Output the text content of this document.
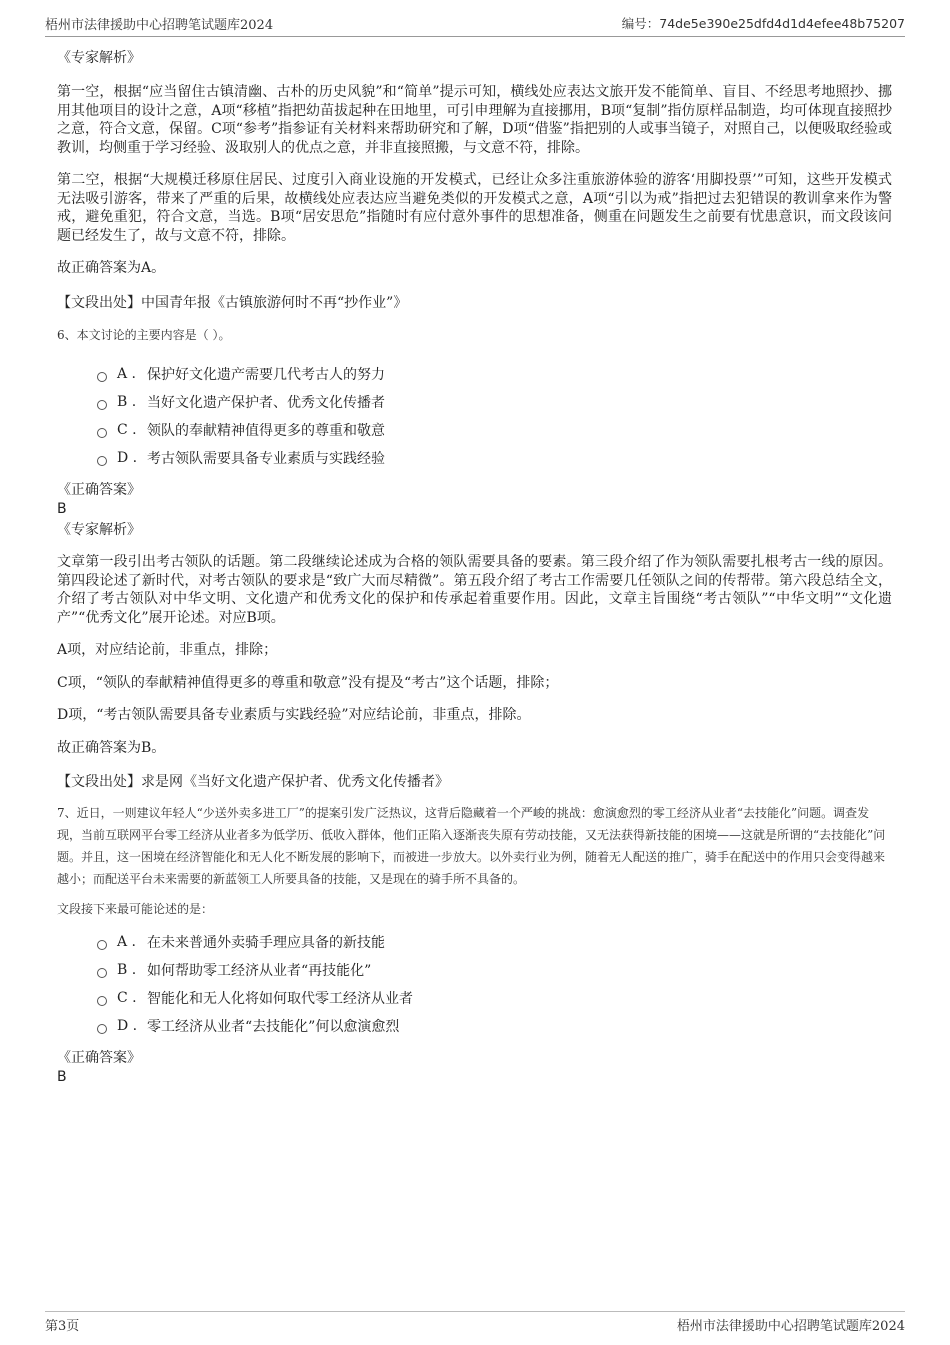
梧州市法律援助中心招聘笔试题库2024	编号：74de5e390e25dfd4d1d4efee48b75207

《专家解析》

第一空，根据“应当留住古镇清幽、古朴的历史风貌”和“简单”提示可知，横线处应表达文旅开发不能简单、盲目、不经思考地照抄、挪用其他项目的设计之意，A项“移植”指把幼苗拔起种在田地里，可引申理解为直接挪用，B项“复制”指仿原样品制造，均可体现直接照抄之意，符合文意，保留。C项“参考”指参证有关材料来帮助研究和了解，D项“借鉴”指把别的人或事当镜子，对照自己，以便吸取经验或教训，均侧重于学习经验、汲取别人的优点之意，并非直接照搬，与文意不符，排除。

第二空，根据“大规模迁移原住居民、过度引入商业设施的开发模式，已经让众多注重旅游体验的游客‘用脚投票’”可知，这些开发模式无法吸引游客，带来了严重的后果，故横线处应表达应当避免类似的开发模式之意，A项“引以为戒”指把过去犯错误的教训拿来作为警戒，避免重犯，符合文意，当选。B项“居安思危”指随时有应付意外事件的思想准备，侧重在问题发生之前要有忧患意识，而文段该问题已经发生了，故与文意不符，排除。

故正确答案为A。

【文段出处】中国青年报《古镇旅游何时不再“抄作业”》

6、本文讨论的主要内容是（ ）。

A . 保护好文化遗产需要几代考古人的努力
B . 当好文化遗产保护者、优秀文化传播者
C . 领队的奉献精神值得更多的尊重和敬意
D . 考古领队需要具备专业素质与实践经验

《正确答案》

B

《专家解析》

文章第一段引出考古领队的话题。第二段继续论述成为合格的领队需要具备的要素。第三段介绍了作为领队需要扎根考古一线的原因。第四段论述了新时代，对考古领队的要求是“致广大而尽精微”。第五段介绍了考古工作需要几任领队之间的传帮带。第六段总结全文，介绍了考古领队对中华文明、文化遗产和优秀文化的保护和传承起着重要作用。因此，文章主旨围绕“考古领队”“中华文明”“文化遗产”“优秀文化”展开论述。对应B项。

A项，对应结论前，非重点，排除；

C项，“领队的奉献精神值得更多的尊重和敬意”没有提及“考古”这个话题，排除；

D项，“考古领队需要具备专业素质与实践经验”对应结论前，非重点，排除。

故正确答案为B。

【文段出处】求是网《当好文化遗产保护者、优秀文化传播者》

7、近日，一则建议年轻人“少送外卖多进工厂”的提案引发广泛热议，这背后隐藏着一个严峻的挑战：愈演愈烈的零工经济从业者“去技能化”问题。调查发现，当前互联网平台零工经济从业者多为低学历、低收入群体，他们正陷入逐渐丧失原有劳动技能，又无法获得新技能的困境——这就是所谓的“去技能化”问题。并且，这一困境在经济智能化和无人化不断发展的影响下，而被进一步放大。以外卖行业为例，随着无人配送的推广，骑手在配送中的作用只会变得越来越小；而配送平台未来需要的新蓝领工人所要具备的技能，又是现在的骑手所不具备的。

文段接下来最可能论述的是：

A . 在未来普通外卖骑手理应具备的新技能
B . 如何帮助零工经济从业者“再技能化”
C . 智能化和无人化将如何取代零工经济从业者
D . 零工经济从业者“去技能化”何以愈演愈烈

《正确答案》

B

第3页	梧州市法律援助中心招聘笔试题库2024
